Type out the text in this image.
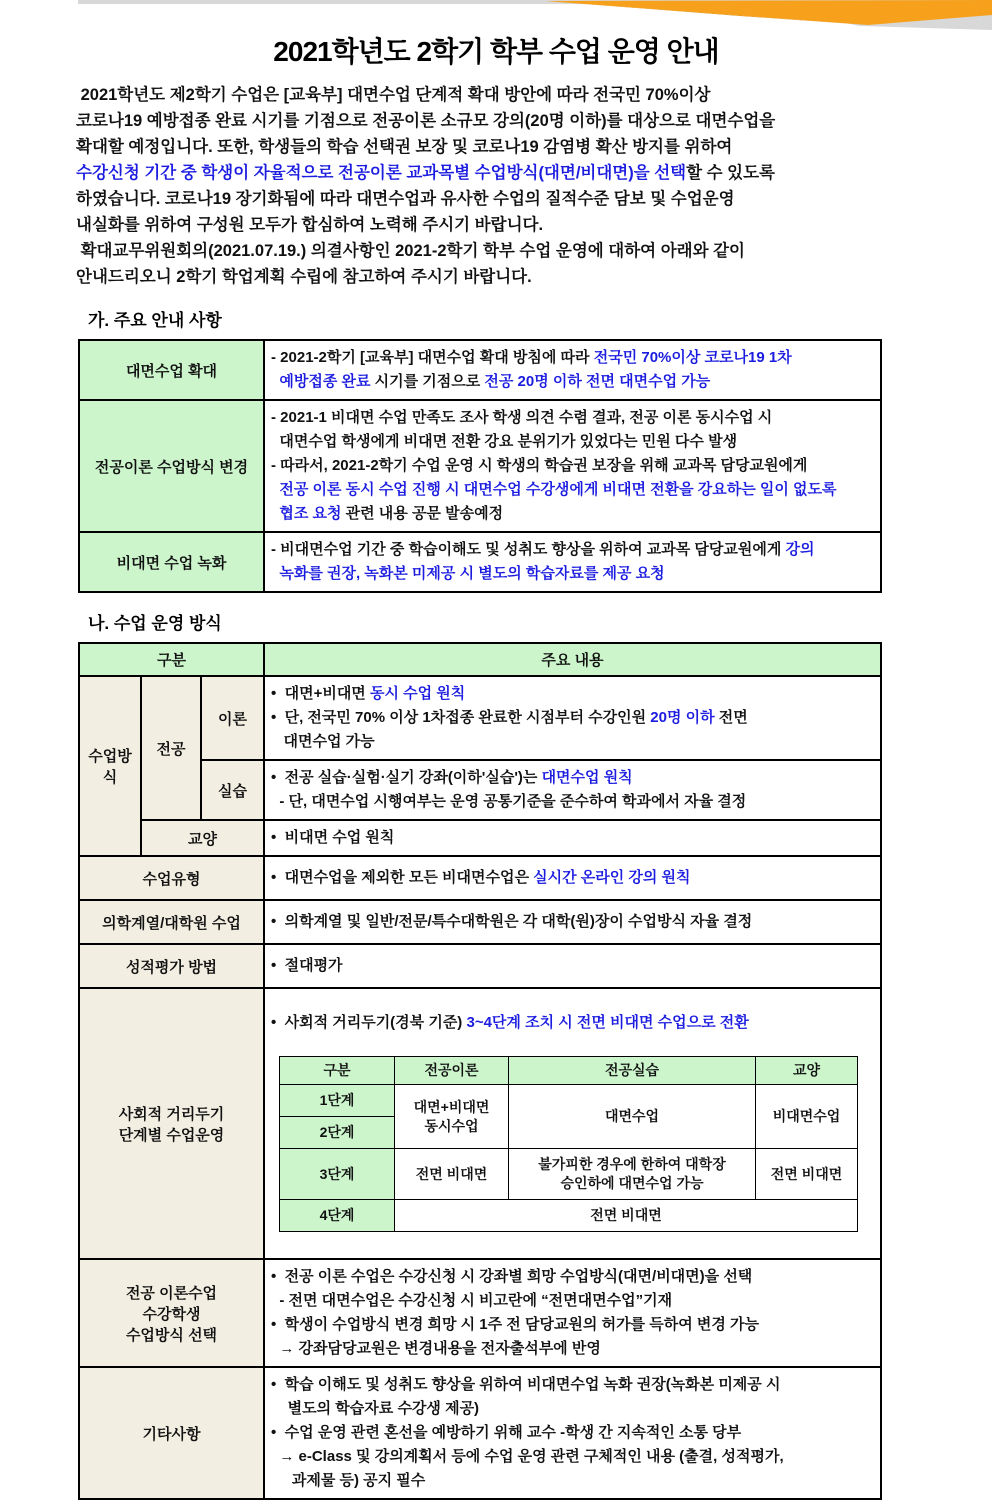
2021학년도 2학기 학부 수업 운영 안내
2021학년도 제2학기 수업은 [교육부] 대면수업 단계적 확대 방안에 따라 전국민 70%이상
코로나19 예방접종 완료 시기를 기점으로 전공이론 소규모 강의(20명 이하)를 대상으로 대면수업을
확대할 예정입니다. 또한, 학생들의 학습 선택권 보장 및 코로나19 감염병 확산 방지를 위하여
수강신청 기간 중 학생이 자율적으로 전공이론 교과목별 수업방식(대면/비대면)을 선택할 수 있도록
하였습니다. 코로나19 장기화됨에 따라 대면수업과 유사한 수업의 질적수준 담보 및 수업운영
내실화를 위하여 구성원 모두가 합심하여 노력해 주시기 바랍니다.
확대교무위원회의(2021.07.19.) 의결사항인 2021-2학기 학부 수업 운영에 대하여 아래와 같이
안내드리오니 2학기 학업계획 수립에 참고하여 주시기 바랍니다.
가. 주요 안내 사항
대면수업 확대	- 2021-2학기 [교육부] 대면수업 확대 방침에 따라 전국민 70%이상 코로나19 1차
예방접종 완료 시기를 기점으로 전공 20명 이하 전면 대면수업 가능

전공이론 수업방식 변경	- 2021-1 비대면 수업 만족도 조사 학생 의견 수렴 결과, 전공 이론 동시수업 시
대면수업 학생에게 비대면 전환 강요 분위기가 있었다는 민원 다수 발생
- 따라서, 2021-2학기 수업 운영 시 학생의 학습권 보장을 위해 교과목 담당교원에게
전공 이론 동시 수업 진행 시 대면수업 수강생에게 비대면 전환을 강요하는 일이 없도록
협조 요청 관련 내용 공문 발송예정

비대면 수업 녹화	- 비대면수업 기간 중 학습이해도 및 성취도 향상을 위하여 교과목 담당교원에게 강의
녹화를 권장, 녹화본 미제공 시 별도의 학습자료를 제공 요청
나. 수업 운영 방식
구분	주요 내용
수업방식	전공	이론	
•  대면+비대면 동시 수업 원칙
•  단, 전국민 70% 이상 1차접종 완료한 시점부터 수강인원 20명 이하 전면
대면수업 가능

실습	
•  전공 실습·실험·실기 강좌(이하'실습')는 대면수업 원칙
- 단, 대면수업 시행여부는 운영 공통기준을 준수하여 학과에서 자율 결정

교양	•  비대면 수업 원칙

수업유형	•  대면수업을 제외한 모든 비대면수업은 실시간 온라인 강의 원칙

의학계열/대학원 수업	•  의학계열 및 일반/전문/특수대학원은 각 대학(원)장이 수업방식 자율 결정

성적평가 방법	•  절대평가

사회적 거리두기
단계별 수업운영	

•  사회적 거리두기(경북 기준) 3~4단계 조치 시 전면 비대면 수업으로 전환

구분	전공이론	전공실습	교양
1단계	대면+비대면
동시수업	대면수업	비대면수업
2단계
3단계	전면 비대면	불가피한 경우에 한하여 대학장
승인하에 대면수업 가능	전면 비대면
4단계	전면 비대면

전공 이론수업
수강학생
수업방식 선택	
•  전공 이론 수업은 수강신청 시 강좌별 희망 수업방식(대면/비대면)을 선택
- 전면 대면수업은 수강신청 시 비고란에 “전면대면수업”기재
•  학생이 수업방식 변경 희망 시 1주 전 담당교원의 허가를 득하여 변경 가능
→ 강좌담당교원은 변경내용을 전자출석부에 반영

기타사항	
•  학습 이해도 및 성취도 향상을 위하여 비대면수업 녹화 권장(녹화본 미제공 시
별도의 학습자료 수강생 제공)
•  수업 운영 관련 혼선을 예방하기 위해 교수 -학생 간 지속적인 소통 당부
→ e-Class 및 강의계획서 등에 수업 운영 관련 구체적인 내용 (출결, 성적평가,
과제물 등) 공지 필수
